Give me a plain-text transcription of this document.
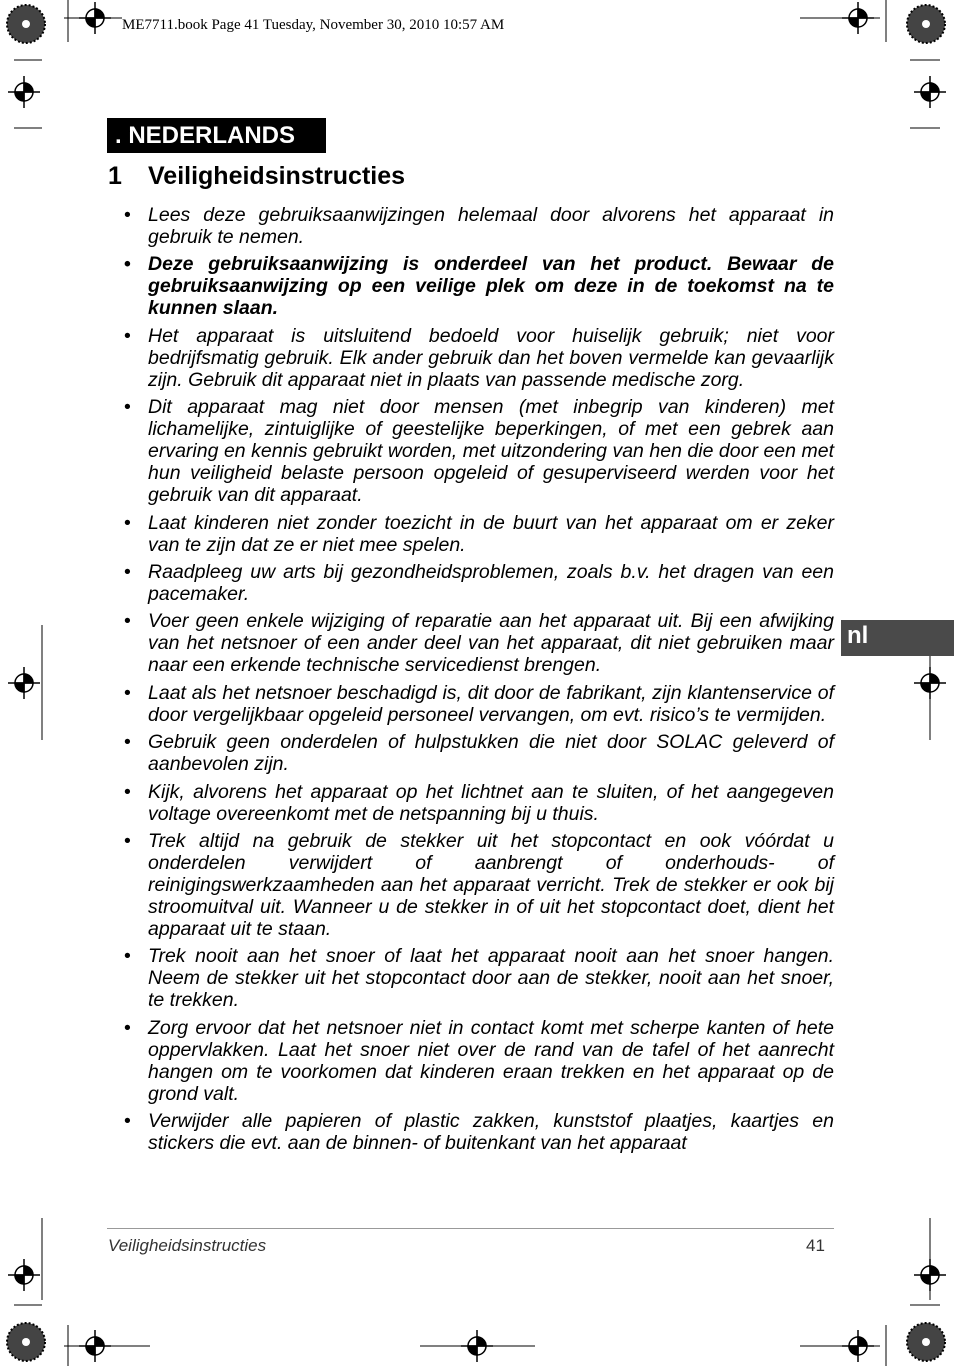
ME7711.book Page 41 Tuesday, November 30, 2010 10:57 AM
. NEDERLANDS
1 Veiligheidsinstructies
• Lees deze gebruiksaanwijzingen helemaal door alvorens het apparaat in gebruik te nemen.
• Deze gebruiksaanwijzing is onderdeel van het product. Bewaar de gebruiksaanwijzing op een veilige plek om deze in de toekomst na te kunnen slaan.
• Het apparaat is uitsluitend bedoeld voor huiselijk gebruik; niet voor bedrijfsmatig gebruik. Elk ander gebruik dan het boven vermelde kan gevaarlijk zijn. Gebruik dit apparaat niet in plaats van passende medische zorg.
• Dit apparaat mag niet door mensen (met inbegrip van kinderen) met lichamelijke, zintuiglijke of geestelijke beperkingen, of met een gebrek aan ervaring en kennis gebruikt worden, met uitzondering van hen die door een met hun veiligheid belaste persoon opgeleid of gesuperviseerd werden voor het gebruik van dit apparaat.
• Laat kinderen niet zonder toezicht in de buurt van het apparaat om er zeker van te zijn dat ze er niet mee spelen.
• Raadpleeg uw arts bij gezondheidsproblemen, zoals b.v. het dragen van een pacemaker.
• Voer geen enkele wijziging of reparatie aan het apparaat uit. Bij een afwijking van het netsnoer of een ander deel van het apparaat, dit niet gebruiken maar naar een erkende technische servicedienst brengen.
• Laat als het netsnoer beschadigd is, dit door de fabrikant, zijn klantenservice of door vergelijkbaar opgeleid personeel vervangen, om evt. risico’s te vermijden.
• Gebruik geen onderdelen of hulpstukken die niet door SOLAC geleverd of aanbevolen zijn.
• Kijk, alvorens het apparaat op het lichtnet aan te sluiten, of het aangegeven voltage overeenkomt met de netspanning bij u thuis.
• Trek altijd na gebruik de stekker uit het stopcontact en ook vóórdat u onderdelen verwijdert of aanbrengt of onderhouds- of reinigingswerkzaamheden aan het apparaat verricht. Trek de stekker er ook bij stroomuitval uit. Wanneer u de stekker in of uit het stopcontact doet, dient het apparaat uit te staan.
• Trek nooit aan het snoer of laat het apparaat nooit aan het snoer hangen. Neem de stekker uit het stopcontact door aan de stekker, nooit aan het snoer, te trekken.
• Zorg ervoor dat het netsnoer niet in contact komt met scherpe kanten of hete oppervlakken. Laat het snoer niet over de rand van de tafel of het aanrecht hangen om te voorkomen dat kinderen eraan trekken en het apparaat op de grond valt.
• Verwijder alle papieren of plastic zakken, kunststof plaatjes, kaartjes en stickers die evt. aan de binnen- of buitenkant van het apparaat
nl
Veiligheidsinstructies	41
